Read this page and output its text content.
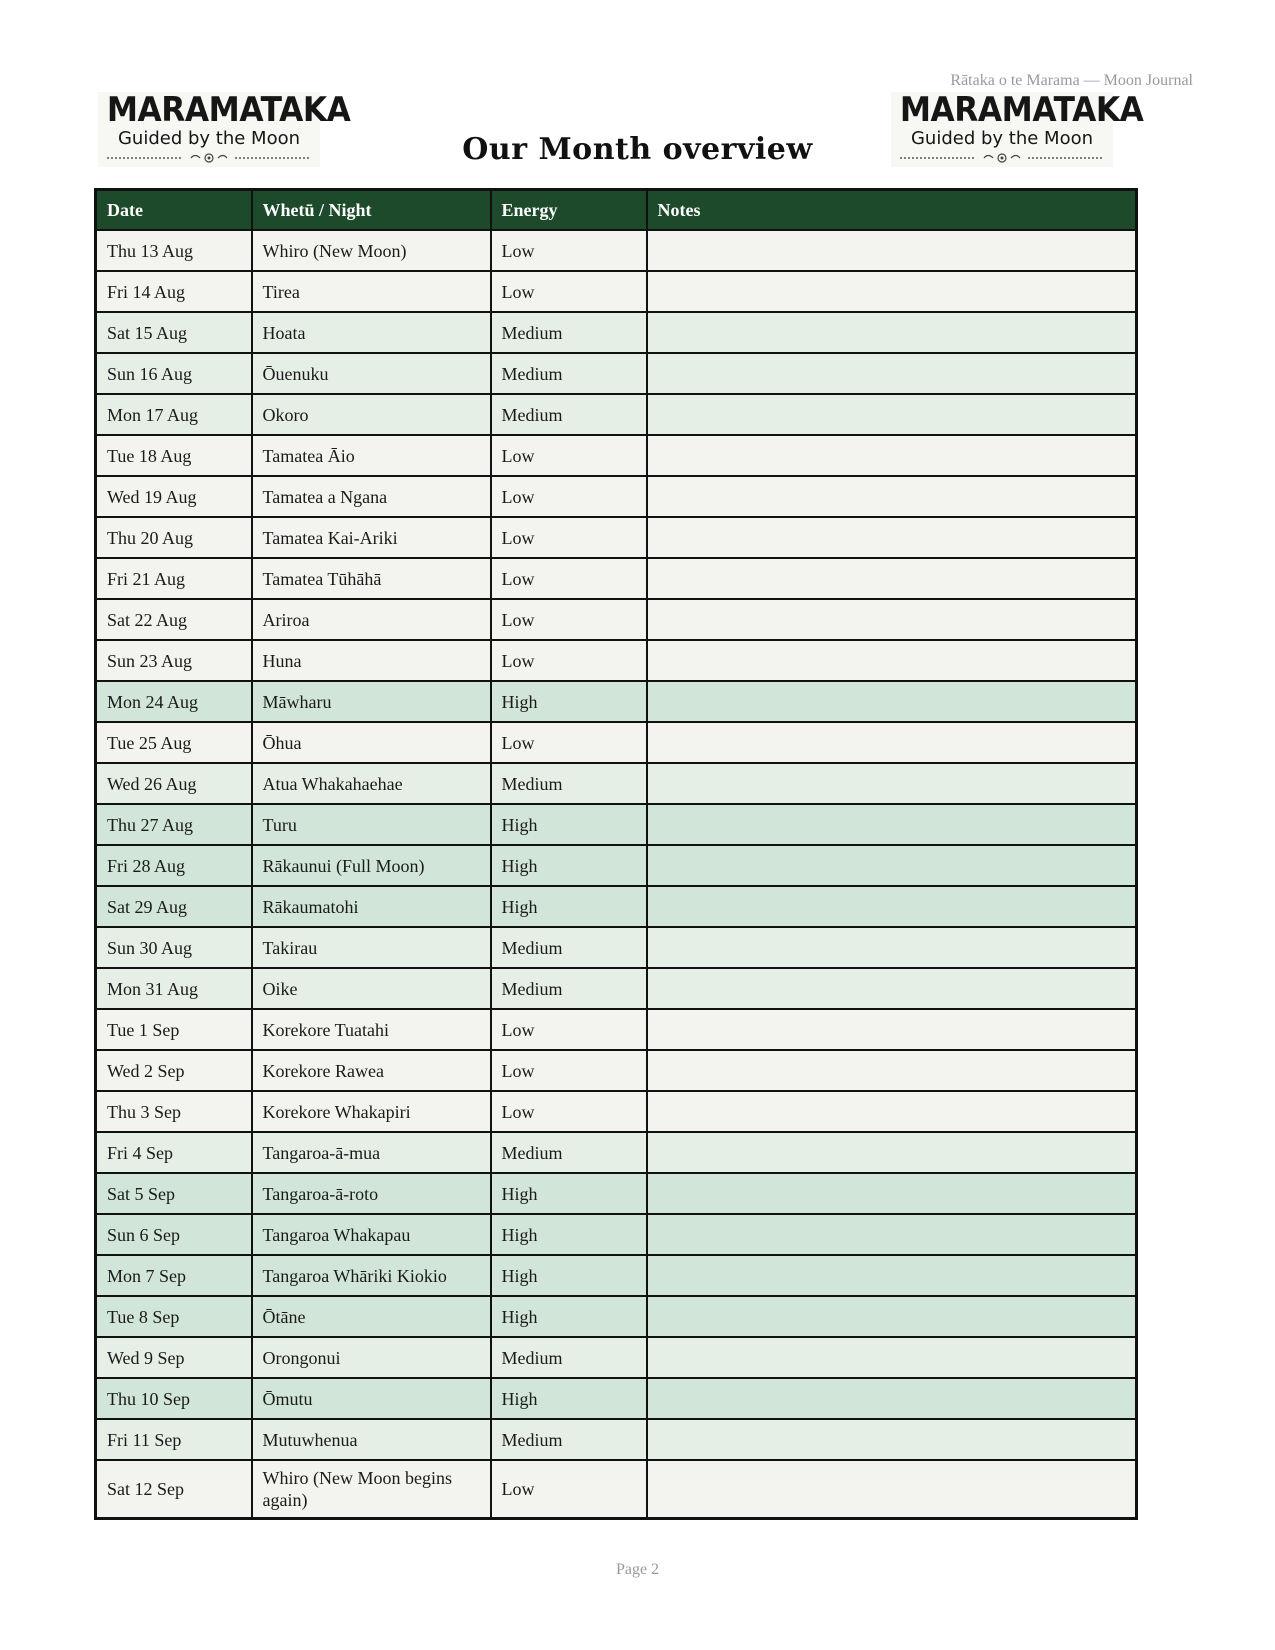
Rātaka o te Marama — Moon Journal
MARAMATAKA
Guided by the Moon
MARAMATAKA
Guided by the Moon
Our Month overview
Date	Whetū / Night	Energy	Notes
Thu 13 Aug	Whiro (New Moon)	Low	
Fri 14 Aug	Tirea	Low	
Sat 15 Aug	Hoata	Medium	
Sun 16 Aug	Ōuenuku	Medium	
Mon 17 Aug	Okoro	Medium	
Tue 18 Aug	Tamatea Āio	Low	
Wed 19 Aug	Tamatea a Ngana	Low	
Thu 20 Aug	Tamatea Kai-Ariki	Low	
Fri 21 Aug	Tamatea Tūhāhā	Low	
Sat 22 Aug	Ariroa	Low	
Sun 23 Aug	Huna	Low	
Mon 24 Aug	Māwharu	High	
Tue 25 Aug	Ōhua	Low	
Wed 26 Aug	Atua Whakahaehae	Medium	
Thu 27 Aug	Turu	High	
Fri 28 Aug	Rākaunui (Full Moon)	High	
Sat 29 Aug	Rākaumatohi	High	
Sun 30 Aug	Takirau	Medium	
Mon 31 Aug	Oike	Medium	
Tue 1 Sep	Korekore Tuatahi	Low	
Wed 2 Sep	Korekore Rawea	Low	
Thu 3 Sep	Korekore Whakapiri	Low	
Fri 4 Sep	Tangaroa-ā-mua	Medium	
Sat 5 Sep	Tangaroa-ā-roto	High	
Sun 6 Sep	Tangaroa Whakapau	High	
Mon 7 Sep	Tangaroa Whāriki Kiokio	High	
Tue 8 Sep	Ōtāne	High	
Wed 9 Sep	Orongonui	Medium	
Thu 10 Sep	Ōmutu	High	
Fri 11 Sep	Mutuwhenua	Medium	
Sat 12 Sep	Whiro (New Moon begins again)	Low	
Page 2
